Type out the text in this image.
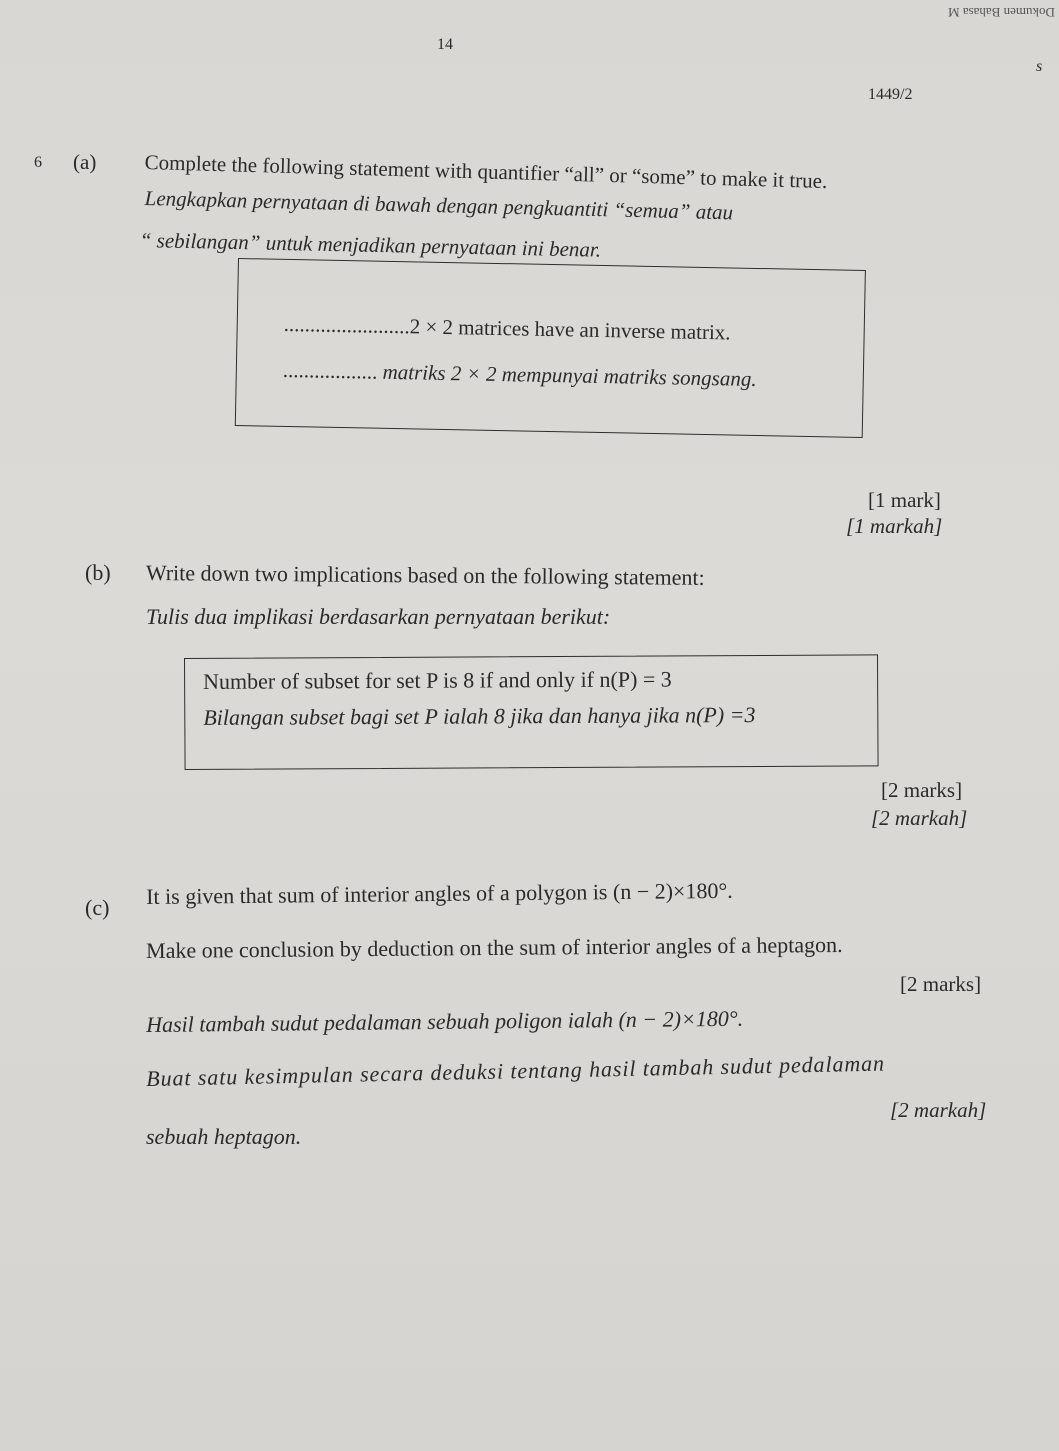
Dokumen Bahasa M
14
s
1449/2
6 (a) Complete the following statement with quantifier “all” or “some” to make it true.
Lengkapkan pernyataan di bawah dengan pengkuantiti “semua” atau
“ sebilangan” untuk menjadikan pernyataan ini benar.
........................2 × 2 matrices have an inverse matrix.
.................. matriks 2 × 2 mempunyai matriks songsang.
[1 mark]
[1 markah]
(b) Write down two implications based on the following statement:
Tulis dua implikasi berdasarkan pernyataan berikut:
Number of subset for set P is 8 if and only if n(P) = 3
Bilangan subset bagi set P ialah 8 jika dan hanya jika n(P) =3
[2 marks]
[2 markah]
(c) It is given that sum of interior angles of a polygon is (n − 2)×180°.
Make one conclusion by deduction on the sum of interior angles of a heptagon.
[2 marks]
Hasil tambah sudut pedalaman sebuah poligon ialah (n − 2)×180°.
Buat satu kesimpulan secara deduksi tentang hasil tambah sudut pedalaman
[2 markah]
sebuah heptagon.
